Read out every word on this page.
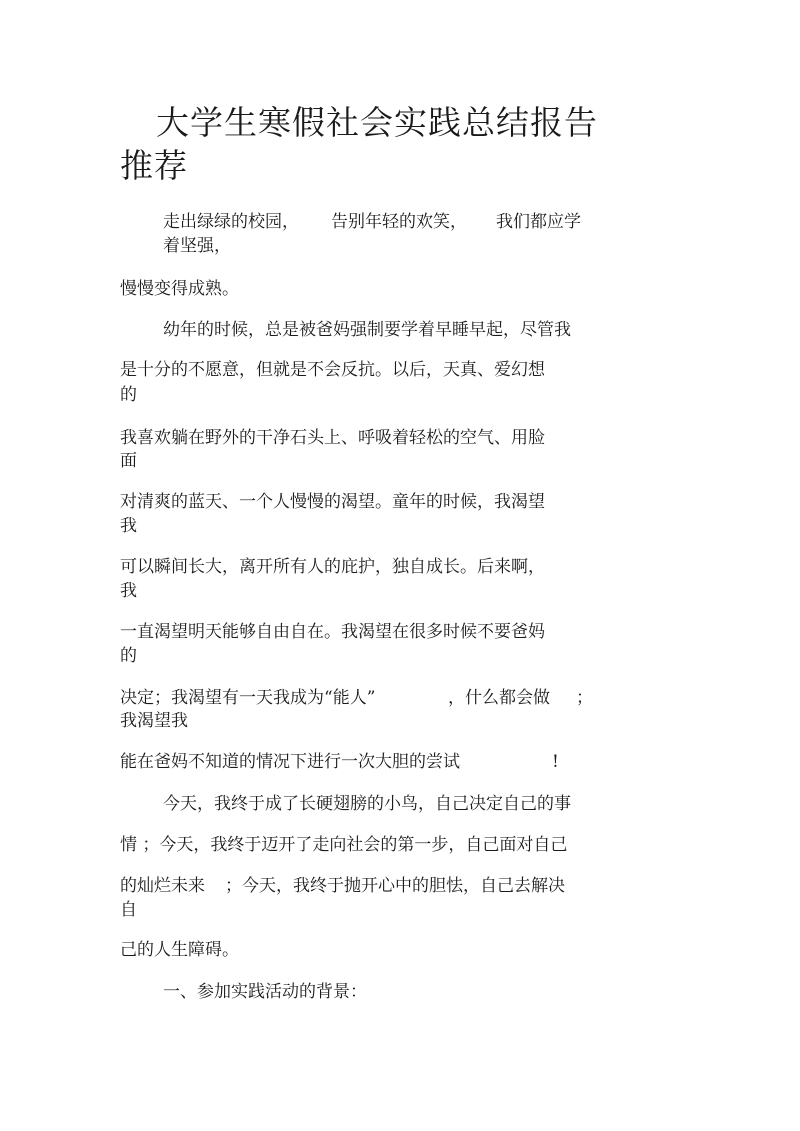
大学生寒假社会实践总结报告
推荐
走出绿绿的校园， 告别年轻的欢笑， 我们都应学
着坚强，
慢慢变得成熟。
幼年的时候，总是被爸妈强制要学着早睡早起，尽管我
是十分的不愿意，但就是不会反抗。以后，天真、爱幻想
的
我喜欢躺在野外的干净石头上、呼吸着轻松的空气、用脸
面
对清爽的蓝天、一个人慢慢的渴望。童年的时候，我渴望
我
可以瞬间长大，离开所有人的庇护，独自成长。后来啊，
我
一直渴望明天能够自由自在。我渴望在很多时候不要爸妈
的
决定；我渴望有一天我成为“能人”	，什么都会做 ；
我渴望我
能在爸妈不知道的情况下进行一次大胆的尝试	!
今天，我终于成了长硬翅膀的小鸟，自己决定自己的事
情 ；今天，我终于迈开了走向社会的第一步，自己面对自己
的灿烂未来 ；今天，我终于抛开心中的胆怯，自己去解决
自
己的人生障碍。
一、参加实践活动的背景：
